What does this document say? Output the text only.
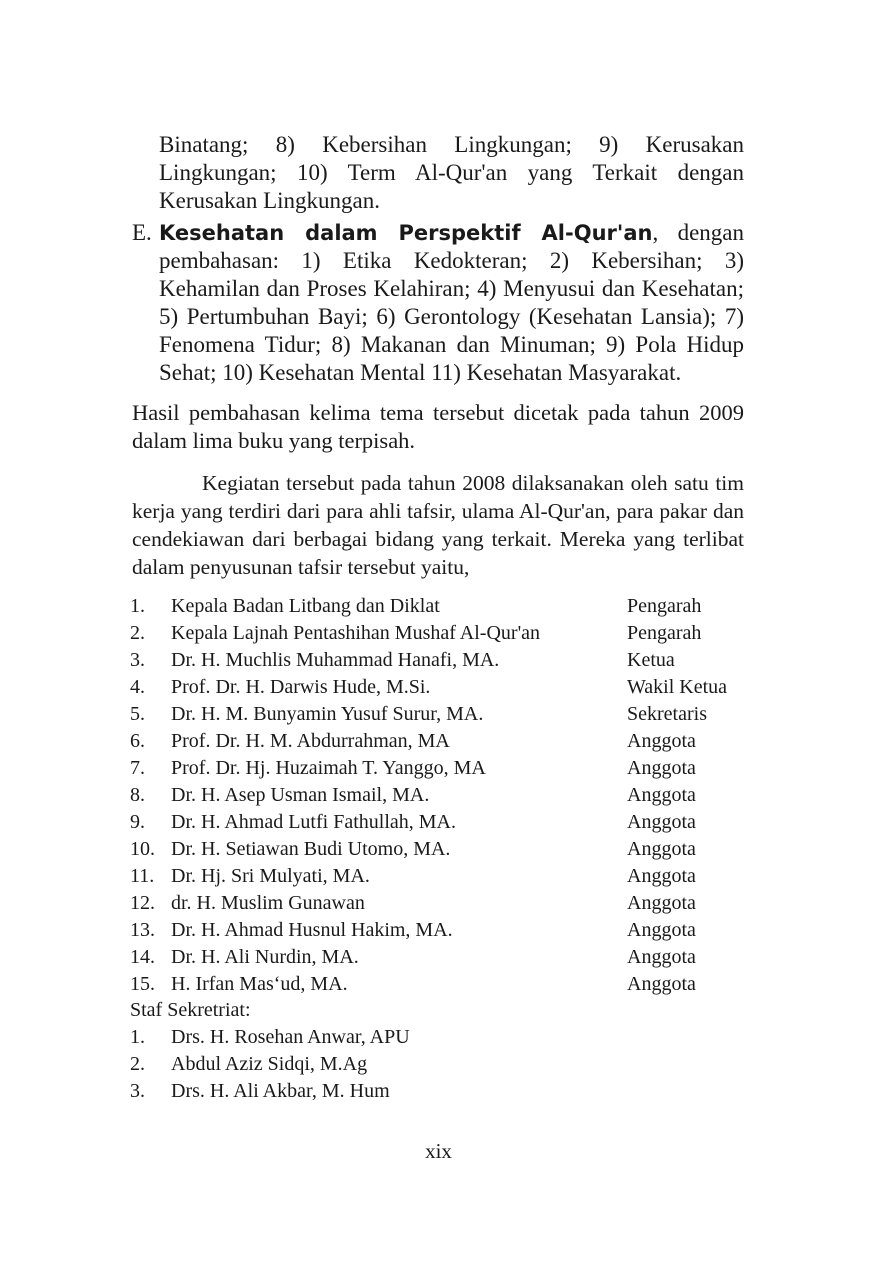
Binatang; 8) Kebersihan Lingkungan; 9) Kerusakan Lingkungan; 10) Term Al-Qur'an yang Terkait dengan Kerusakan Lingkungan.
E. Kesehatan dalam Perspektif Al-Qur'an, dengan pembahasan: 1) Etika Kedokteran; 2) Kebersihan; 3) Kehamilan dan Proses Kelahiran; 4) Menyusui dan Kesehatan; 5) Pertumbuhan Bayi; 6) Gerontology (Kesehatan Lansia); 7) Fenomena Tidur; 8) Makanan dan Minuman; 9) Pola Hidup Sehat; 10) Kesehatan Mental 11) Kesehatan Masyarakat.
Hasil pembahasan kelima tema tersebut dicetak pada tahun 2009 dalam lima buku yang terpisah.
Kegiatan tersebut pada tahun 2008 dilaksanakan oleh satu tim kerja yang terdiri dari para ahli tafsir, ulama Al-Qur'an, para pakar dan cendekiawan dari berbagai bidang yang terkait. Mereka yang terlibat dalam penyusunan tafsir tersebut yaitu,
1. Kepala Badan Litbang dan Diklat	Pengarah
2. Kepala Lajnah Pentashihan Mushaf Al-Qur'an	Pengarah
3. Dr. H. Muchlis Muhammad Hanafi, MA.	Ketua
4. Prof. Dr. H. Darwis Hude, M.Si.	Wakil Ketua
5. Dr. H. M. Bunyamin Yusuf Surur, MA.	Sekretaris
6. Prof. Dr. H. M. Abdurrahman, MA	Anggota
7. Prof. Dr. Hj. Huzaimah T. Yanggo, MA	Anggota
8. Dr. H. Asep Usman Ismail, MA.	Anggota
9. Dr. H. Ahmad Lutfi Fathullah, MA.	Anggota
10. Dr. H. Setiawan Budi Utomo, MA.	Anggota
11. Dr. Hj. Sri Mulyati, MA.	Anggota
12. dr. H. Muslim Gunawan	Anggota
13. Dr. H. Ahmad Husnul Hakim, MA.	Anggota
14. Dr. H. Ali Nurdin, MA.	Anggota
15. H. Irfan Mas‘ud, MA.	Anggota
Staf Sekretriat:
1. Drs. H. Rosehan Anwar, APU
2. Abdul Aziz Sidqi, M.Ag
3. Drs. H. Ali Akbar, M. Hum
xix
